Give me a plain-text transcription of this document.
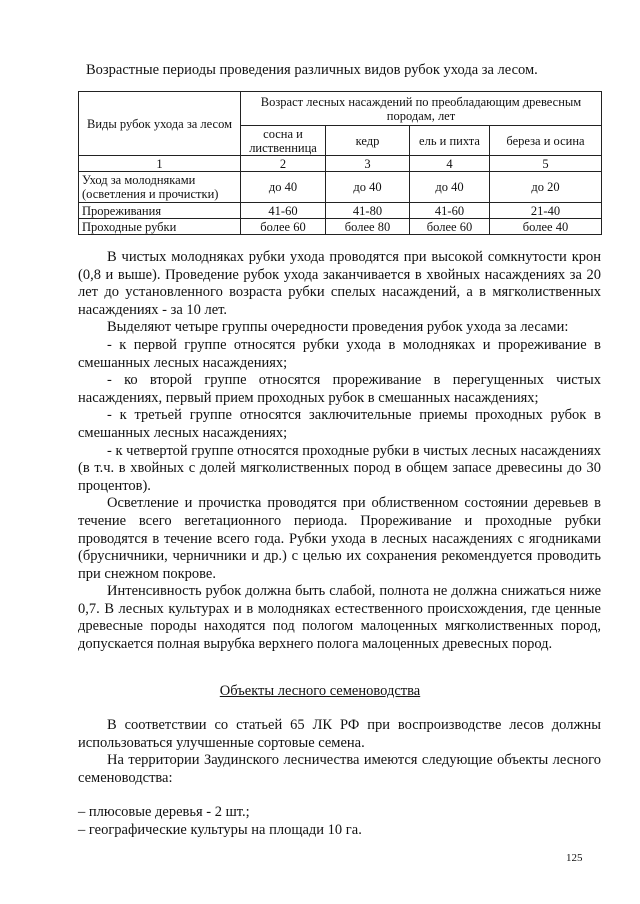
Возрастные периоды проведения различных видов рубок ухода за лесом.
Виды рубок ухода за лесом	Возраст лесных насаждений по преобладающим древесным породам, лет			
	сосна и лиственница	кедр	ель и пихта	береза и осина
1	2	3	4	5
Уход за молодняками (осветления и прочистки)	до 40	до 40	до 40	до 20
Прореживания	41-60	41-80	41-60	21-40
Проходные рубки	более 60	более 80	более 60	более 40

В чистых молодняках рубки ухода проводятся при высокой сомкнутости крон (0,8 и выше). Проведение рубок ухода заканчивается в хвойных насаждениях за 20 лет до установленного возраста рубки спелых насаждений, а в мягколиственных насаждениях - за 10 лет.

Выделяют четыре группы очередности проведения рубок ухода за лесами:

- к первой группе относятся рубки ухода в молодняках и прореживание в смешанных лесных насаждениях;

- ко второй группе относятся прореживание в перегущенных чистых насаждениях, первый прием проходных рубок в смешанных насаждениях;

- к третьей группе относятся заключительные приемы проходных рубок в смешанных лесных насаждениях;

- к четвертой группе относятся проходные рубки в чистых лесных насаждениях (в т.ч. в хвойных с долей мягколиственных пород в общем запасе древесины до 30 процентов).

Осветление и прочистка проводятся при облиственном состоянии деревьев в течение всего вегетационного периода. Прореживание и проходные рубки проводятся в течение всего года. Рубки ухода в лесных насаждениях с ягодниками (брусничники, черничники и др.) с целью их сохранения рекомендуется проводить при снежном покрове.

Интенсивность рубок должна быть слабой, полнота не должна снижаться ниже 0,7. В лесных культурах и в молодняках естественного происхождения, где ценные древесные породы находятся под пологом малоценных мягколиственных пород, допускается полная вырубка верхнего полога малоценных древесных пород.

Объекты лесного семеноводства

В соответствии со статьей 65 ЛК РФ при воспроизводстве лесов должны использоваться улучшенные сортовые семена.

На территории Заудинского лесничества имеются следующие объекты лесного семеноводства:

– плюсовые деревья - 2 шт.;

– географические культуры на площади 10 га.

125
